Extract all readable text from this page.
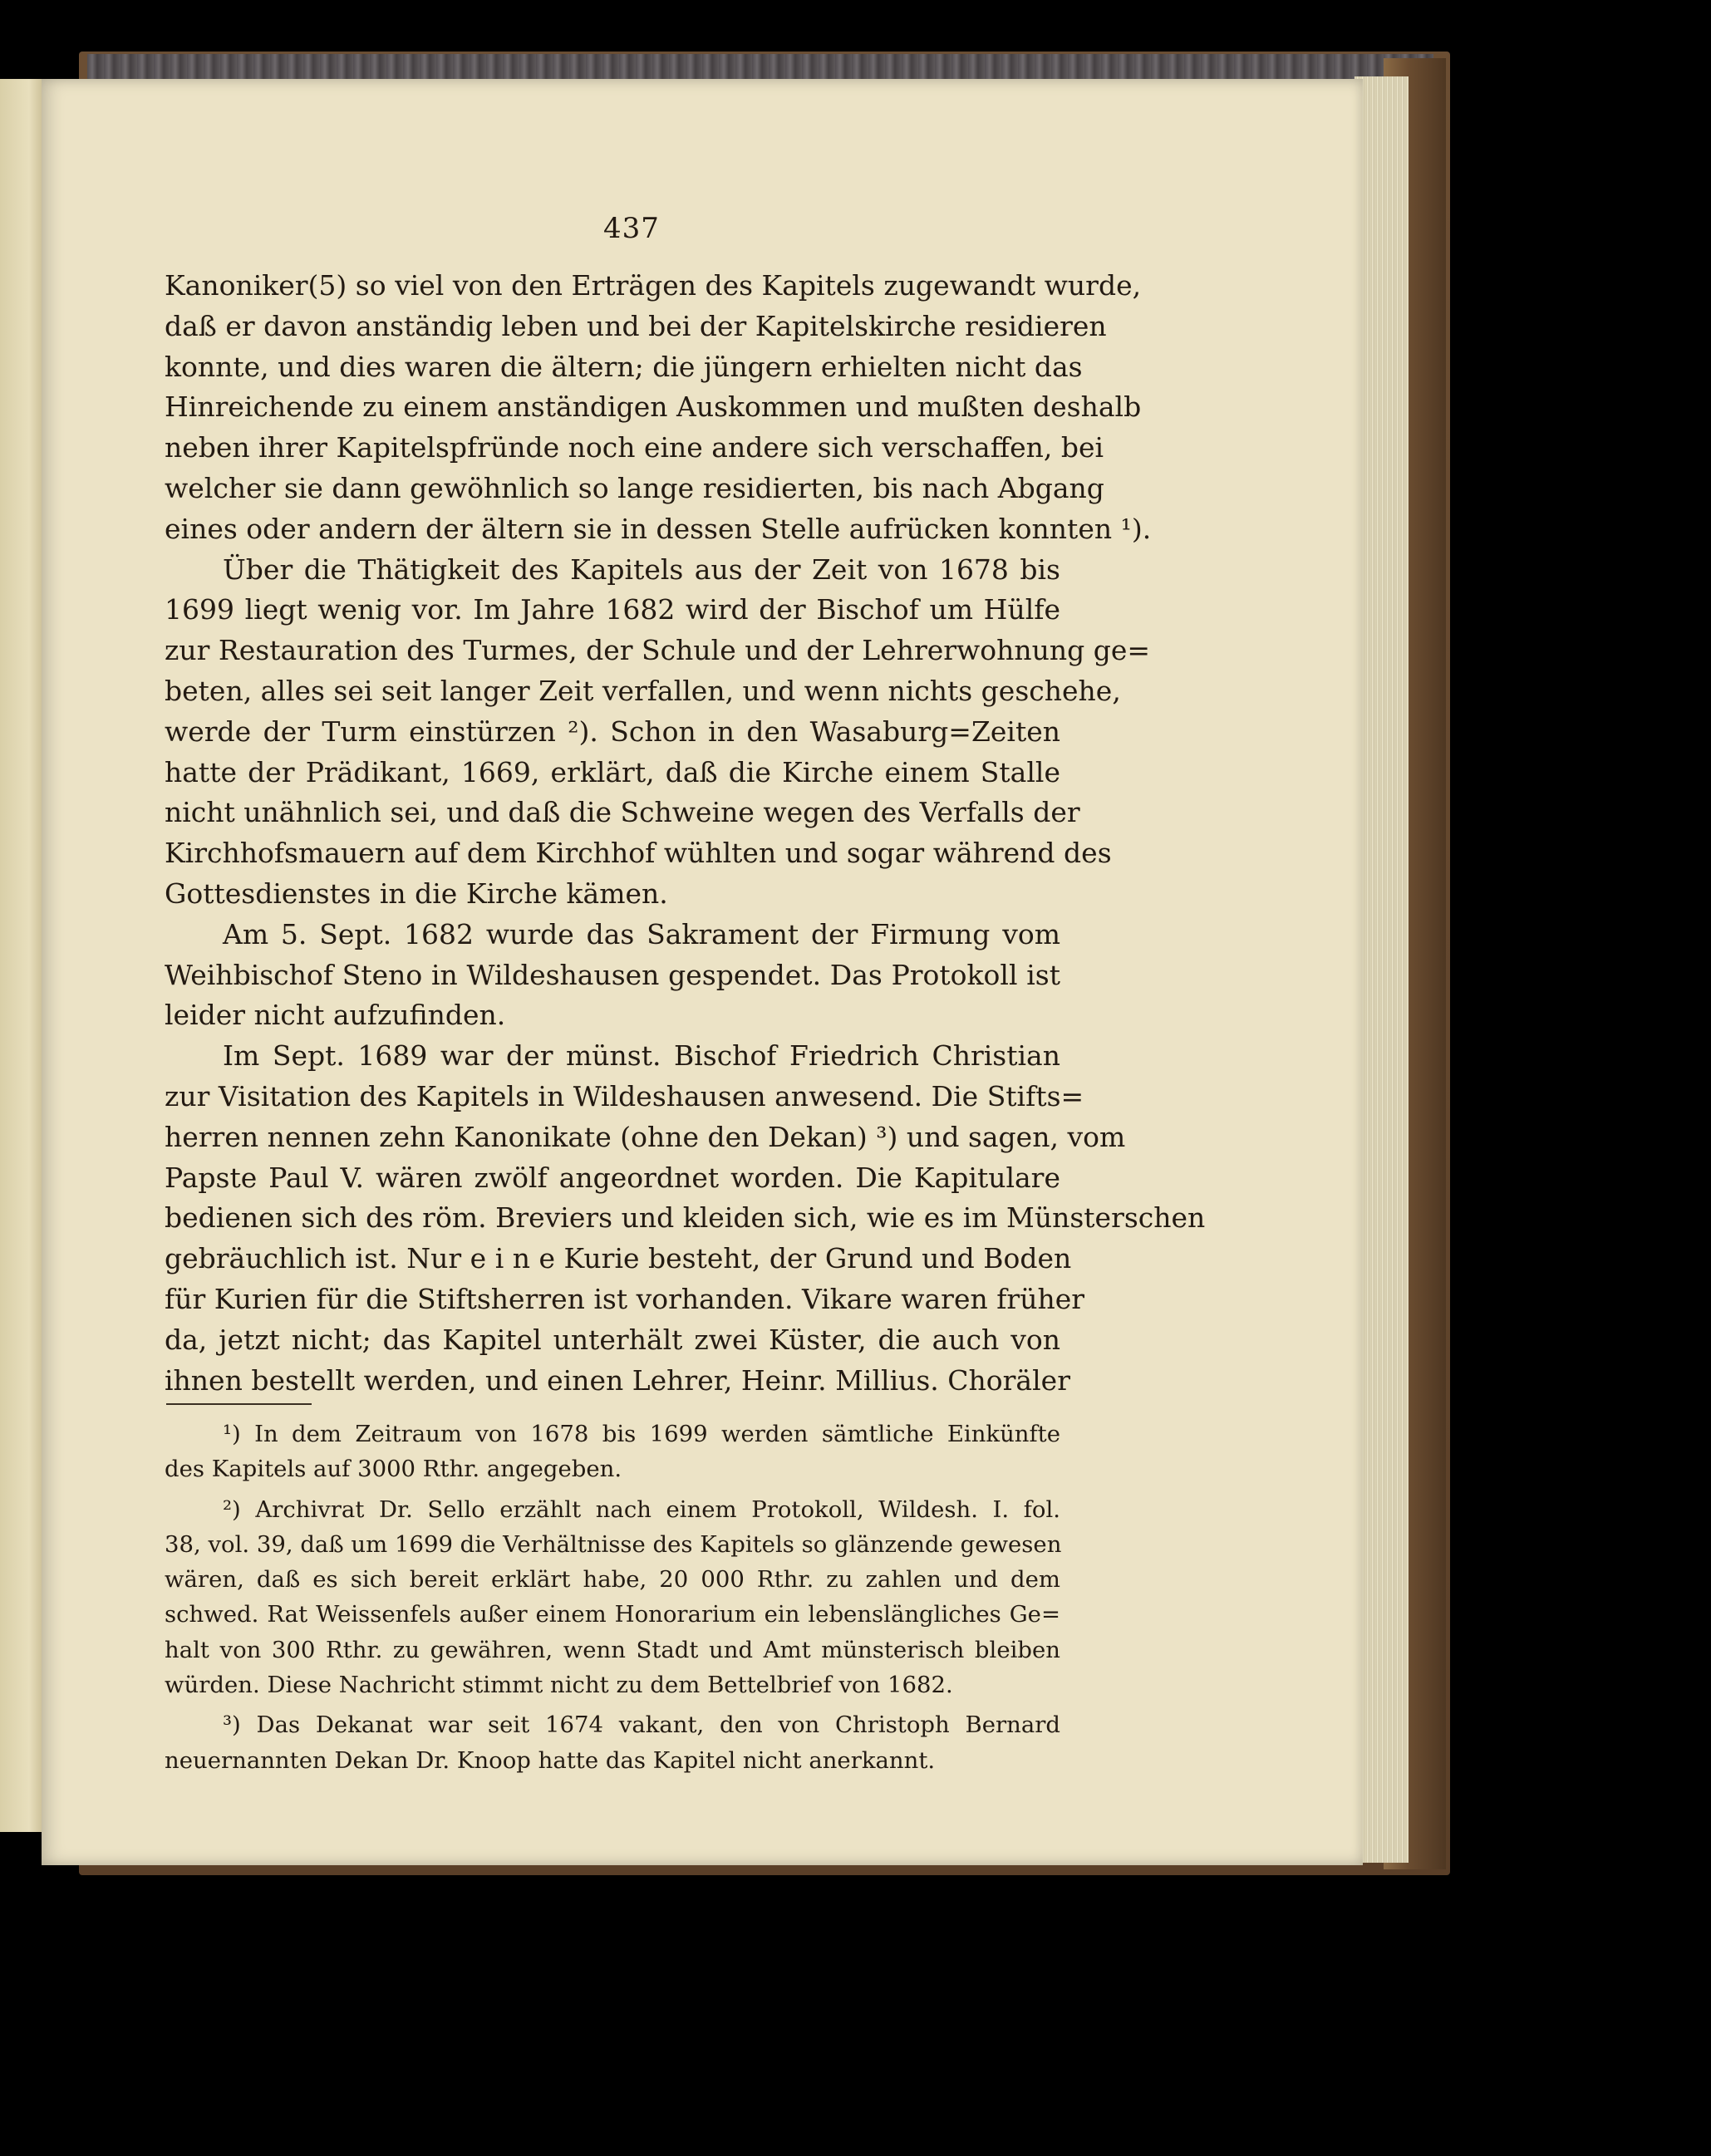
437
Kanoniker(5) so viel von den Erträgen des Kapitels zugewandt wurde,
daß er davon anständig leben und bei der Kapitelskirche residieren
konnte, und dies waren die ältern; die jüngern erhielten nicht das
Hinreichende zu einem anständigen Auskommen und mußten deshalb
neben ihrer Kapitelspfründe noch eine andere sich verschaffen, bei
welcher sie dann gewöhnlich so lange residierten, bis nach Abgang
eines oder andern der ältern sie in dessen Stelle aufrücken konnten ¹).
Über die Thätigkeit des Kapitels aus der Zeit von 1678 bis
1699 liegt wenig vor. Im Jahre 1682 wird der Bischof um Hülfe
zur Restauration des Turmes, der Schule und der Lehrerwohnung ge=
beten, alles sei seit langer Zeit verfallen, und wenn nichts geschehe,
werde der Turm einstürzen ²). Schon in den Wasaburg=Zeiten
hatte der Prädikant, 1669, erklärt, daß die Kirche einem Stalle
nicht unähnlich sei, und daß die Schweine wegen des Verfalls der
Kirchhofsmauern auf dem Kirchhof wühlten und sogar während des
Gottesdienstes in die Kirche kämen.
Am 5. Sept. 1682 wurde das Sakrament der Firmung vom
Weihbischof Steno in Wildeshausen gespendet. Das Protokoll ist
leider nicht aufzufinden.
Im Sept. 1689 war der münst. Bischof Friedrich Christian
zur Visitation des Kapitels in Wildeshausen anwesend. Die Stifts=
herren nennen zehn Kanonikate (ohne den Dekan) ³) und sagen, vom
Papste Paul V. wären zwölf angeordnet worden. Die Kapitulare
bedienen sich des röm. Breviers und kleiden sich, wie es im Münsterschen
gebräuchlich ist. Nur e i n e Kurie besteht, der Grund und Boden
für Kurien für die Stiftsherren ist vorhanden. Vikare waren früher
da, jetzt nicht; das Kapitel unterhält zwei Küster, die auch von
ihnen bestellt werden, und einen Lehrer, Heinr. Millius. Choräler
¹) In dem Zeitraum von 1678 bis 1699 werden sämtliche Einkünfte
des Kapitels auf 3000 Rthr. angegeben.
²) Archivrat Dr. Sello erzählt nach einem Protokoll, Wildesh. I. fol.
38, vol. 39, daß um 1699 die Verhältnisse des Kapitels so glänzende gewesen
wären, daß es sich bereit erklärt habe, 20 000 Rthr. zu zahlen und dem
schwed. Rat Weissenfels außer einem Honorarium ein lebenslängliches Ge=
halt von 300 Rthr. zu gewähren, wenn Stadt und Amt münsterisch bleiben
würden. Diese Nachricht stimmt nicht zu dem Bettelbrief von 1682.
³) Das Dekanat war seit 1674 vakant, den von Christoph Bernard
neuernannten Dekan Dr. Knoop hatte das Kapitel nicht anerkannt.
